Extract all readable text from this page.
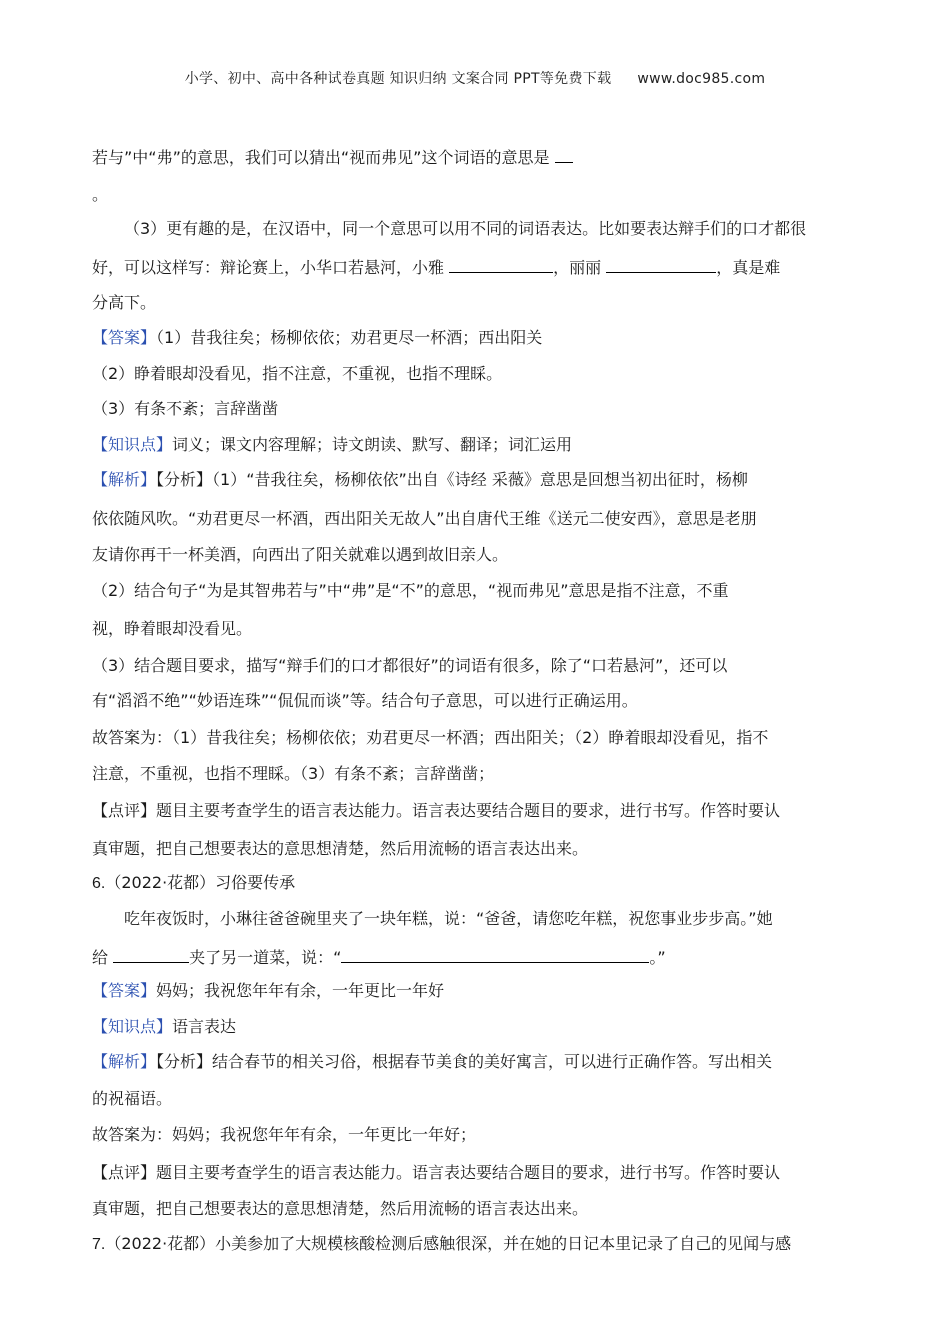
小学、初中、高中各种试卷真题 知识归纳 文案合同 PPT等免费下载 www.doc985.com
若与”中“弗”的意思，我们可以猜出“视而弗见”这个词语的意思是
。
（3）更有趣的是，在汉语中，同一个意思可以用不同的词语表达。比如要表达辩手们的口才都很
好，可以这样写：辩论赛上，小华口若悬河，小雅	，丽丽	，真是难
分高下。
【答案】（1）昔我往矣；杨柳依依；劝君更尽一杯酒；西出阳关
（2）睁着眼却没看见，指不注意，不重视，也指不理睬。
（3）有条不紊；言辞凿凿
【知识点】词义；课文内容理解；诗文朗读、默写、翻译；词汇运用
【解析】【分析】（1）“昔我往矣，杨柳依依”出自《诗经 采薇》意思是回想当初出征时，杨柳
依依随风吹。“劝君更尽一杯酒，西出阳关无故人”出自唐代王维《送元二使安西》，意思是老朋
友请你再干一杯美酒，向西出了阳关就难以遇到故旧亲人。
（2）结合句子“为是其智弗若与”中“弗”是“不”的意思，“视而弗见”意思是指不注意，不重
视，睁着眼却没看见。
（3）结合题目要求，描写“辩手们的口才都很好”的词语有很多，除了“口若悬河”，还可以
有“滔滔不绝”“妙语连珠”“侃侃而谈”等。结合句子意思，可以进行正确运用。
故答案为：（1）昔我往矣；杨柳依依；劝君更尽一杯酒；西出阳关；（2）睁着眼却没看见，指不
注意，不重视，也指不理睬。（3）有条不紊；言辞凿凿；
【点评】题目主要考查学生的语言表达能力。语言表达要结合题目的要求，进行书写。作答时要认
真审题，把自己想要表达的意思想清楚，然后用流畅的语言表达出来。
6.（2022·花都）习俗要传承
吃年夜饭时，小琳往爸爸碗里夹了一块年糕，说：“爸爸，请您吃年糕，祝您事业步步高。”她
给	夹了另一道菜，说：“	。”
【答案】妈妈；我祝您年年有余，一年更比一年好
【知识点】语言表达
【解析】【分析】结合春节的相关习俗，根据春节美食的美好寓言，可以进行正确作答。写出相关
的祝福语。
故答案为：妈妈；我祝您年年有余，一年更比一年好；
【点评】题目主要考查学生的语言表达能力。语言表达要结合题目的要求，进行书写。作答时要认
真审题，把自己想要表达的意思想清楚，然后用流畅的语言表达出来。
7.（2022·花都）小美参加了大规模核酸检测后感触很深，并在她的日记本里记录了自己的见闻与感
